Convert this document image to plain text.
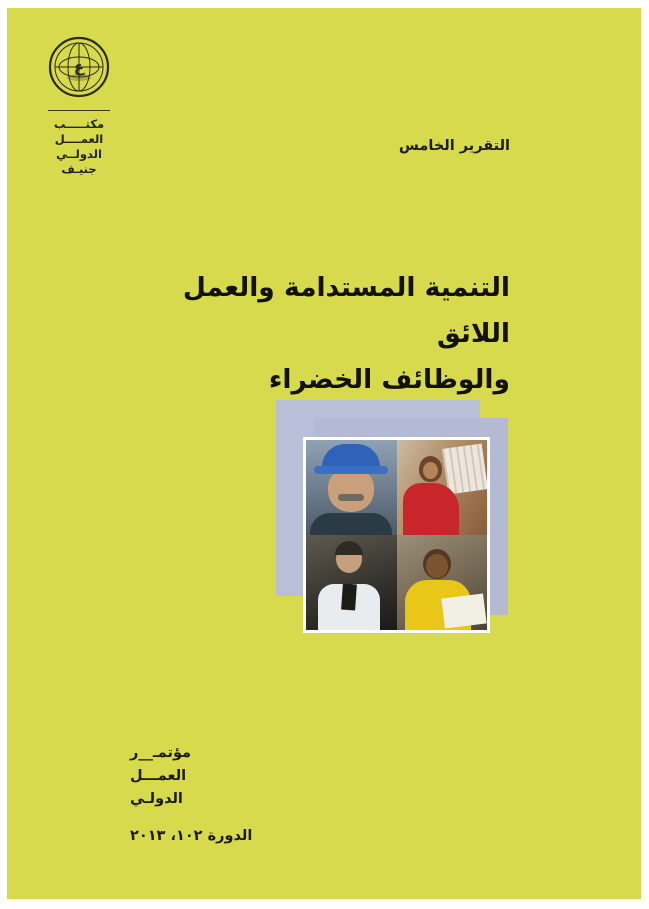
ع
مكتـــــب
العمــــل
الدولــي
جنيـف
التقرير الخامس
التنمية المستدامة والعمل اللائق
والوظائف الخضراء
مؤتمـ__ر
العمـــل
الدولـي
الدورة ١٠٢، ٢٠١٣
